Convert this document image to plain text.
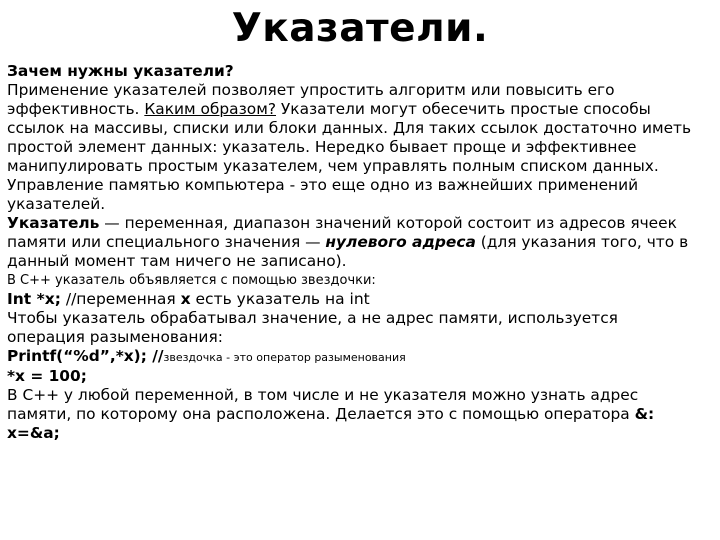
Указатели.
Зачем нужны указатели?
Применение указателей позволяет упростить алгоритм или повысить его
эффективность. Каким образом? Указатели могут обесечить простые способы
ссылок на массивы, списки или блоки данных. Для таких ссылок достаточно иметь
простой элемент данных: указатель. Нередко бывает проще и эффективнее
манипулировать простым указателем, чем управлять полным списком данных.
Управление памятью компьютера - это еще одно из важнейших применений
указателей.
Указатель — переменная, диапазон значений которой состоит из адресов ячеек
памяти или специального значения — нулевого адреса (для указания того, что в
данный момент там ничего не записано).
В С++ указатель объявляется с помощью звездочки:
Int *x; //переменная x есть указатель на int
Чтобы указатель обрабатывал значение, а не адрес памяти, используется
операция разыменования:
Printf(“%d”,*x); //звездочка - это оператор разыменования
*x = 100;
В С++ у любой переменной, в том числе и не указателя можно узнать адрес
памяти, по которому она расположена. Делается это с помощью оператора &:
x=&a;
